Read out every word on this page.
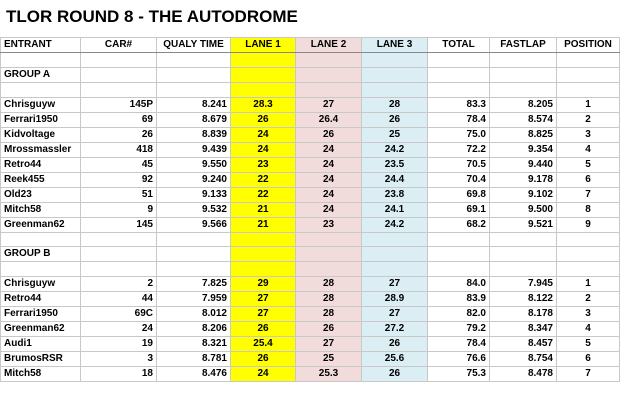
TLOR ROUND 8 - THE AUTODROME
ENTRANT	CAR#	QUALY TIME	LANE 1	LANE 2	LANE 3	TOTAL	FASTLAP	POSITION

GROUP A								

Chrisguyw	145P	8.241	28.3	27	28	83.3	8.205	1
Ferrari1950	69	8.679	26	26.4	26	78.4	8.574	2
Kidvoltage	26	8.839	24	26	25	75.0	8.825	3
Mrossmassler	418	9.439	24	24	24.2	72.2	9.354	4
Retro44	45	9.550	23	24	23.5	70.5	9.440	5
Reek455	92	9.240	22	24	24.4	70.4	9.178	6
Old23	51	9.133	22	24	23.8	69.8	9.102	7
Mitch58	9	9.532	21	24	24.1	69.1	9.500	8
Greenman62	145	9.566	21	23	24.2	68.2	9.521	9

GROUP B								

Chrisguyw	2	7.825	29	28	27	84.0	7.945	1
Retro44	44	7.959	27	28	28.9	83.9	8.122	2
Ferrari1950	69C	8.012	27	28	27	82.0	8.178	3
Greenman62	24	8.206	26	26	27.2	79.2	8.347	4
Audi1	19	8.321	25.4	27	26	78.4	8.457	5
BrumosRSR	3	8.781	26	25	25.6	76.6	8.754	6
Mitch58	18	8.476	24	25.3	26	75.3	8.478	7
